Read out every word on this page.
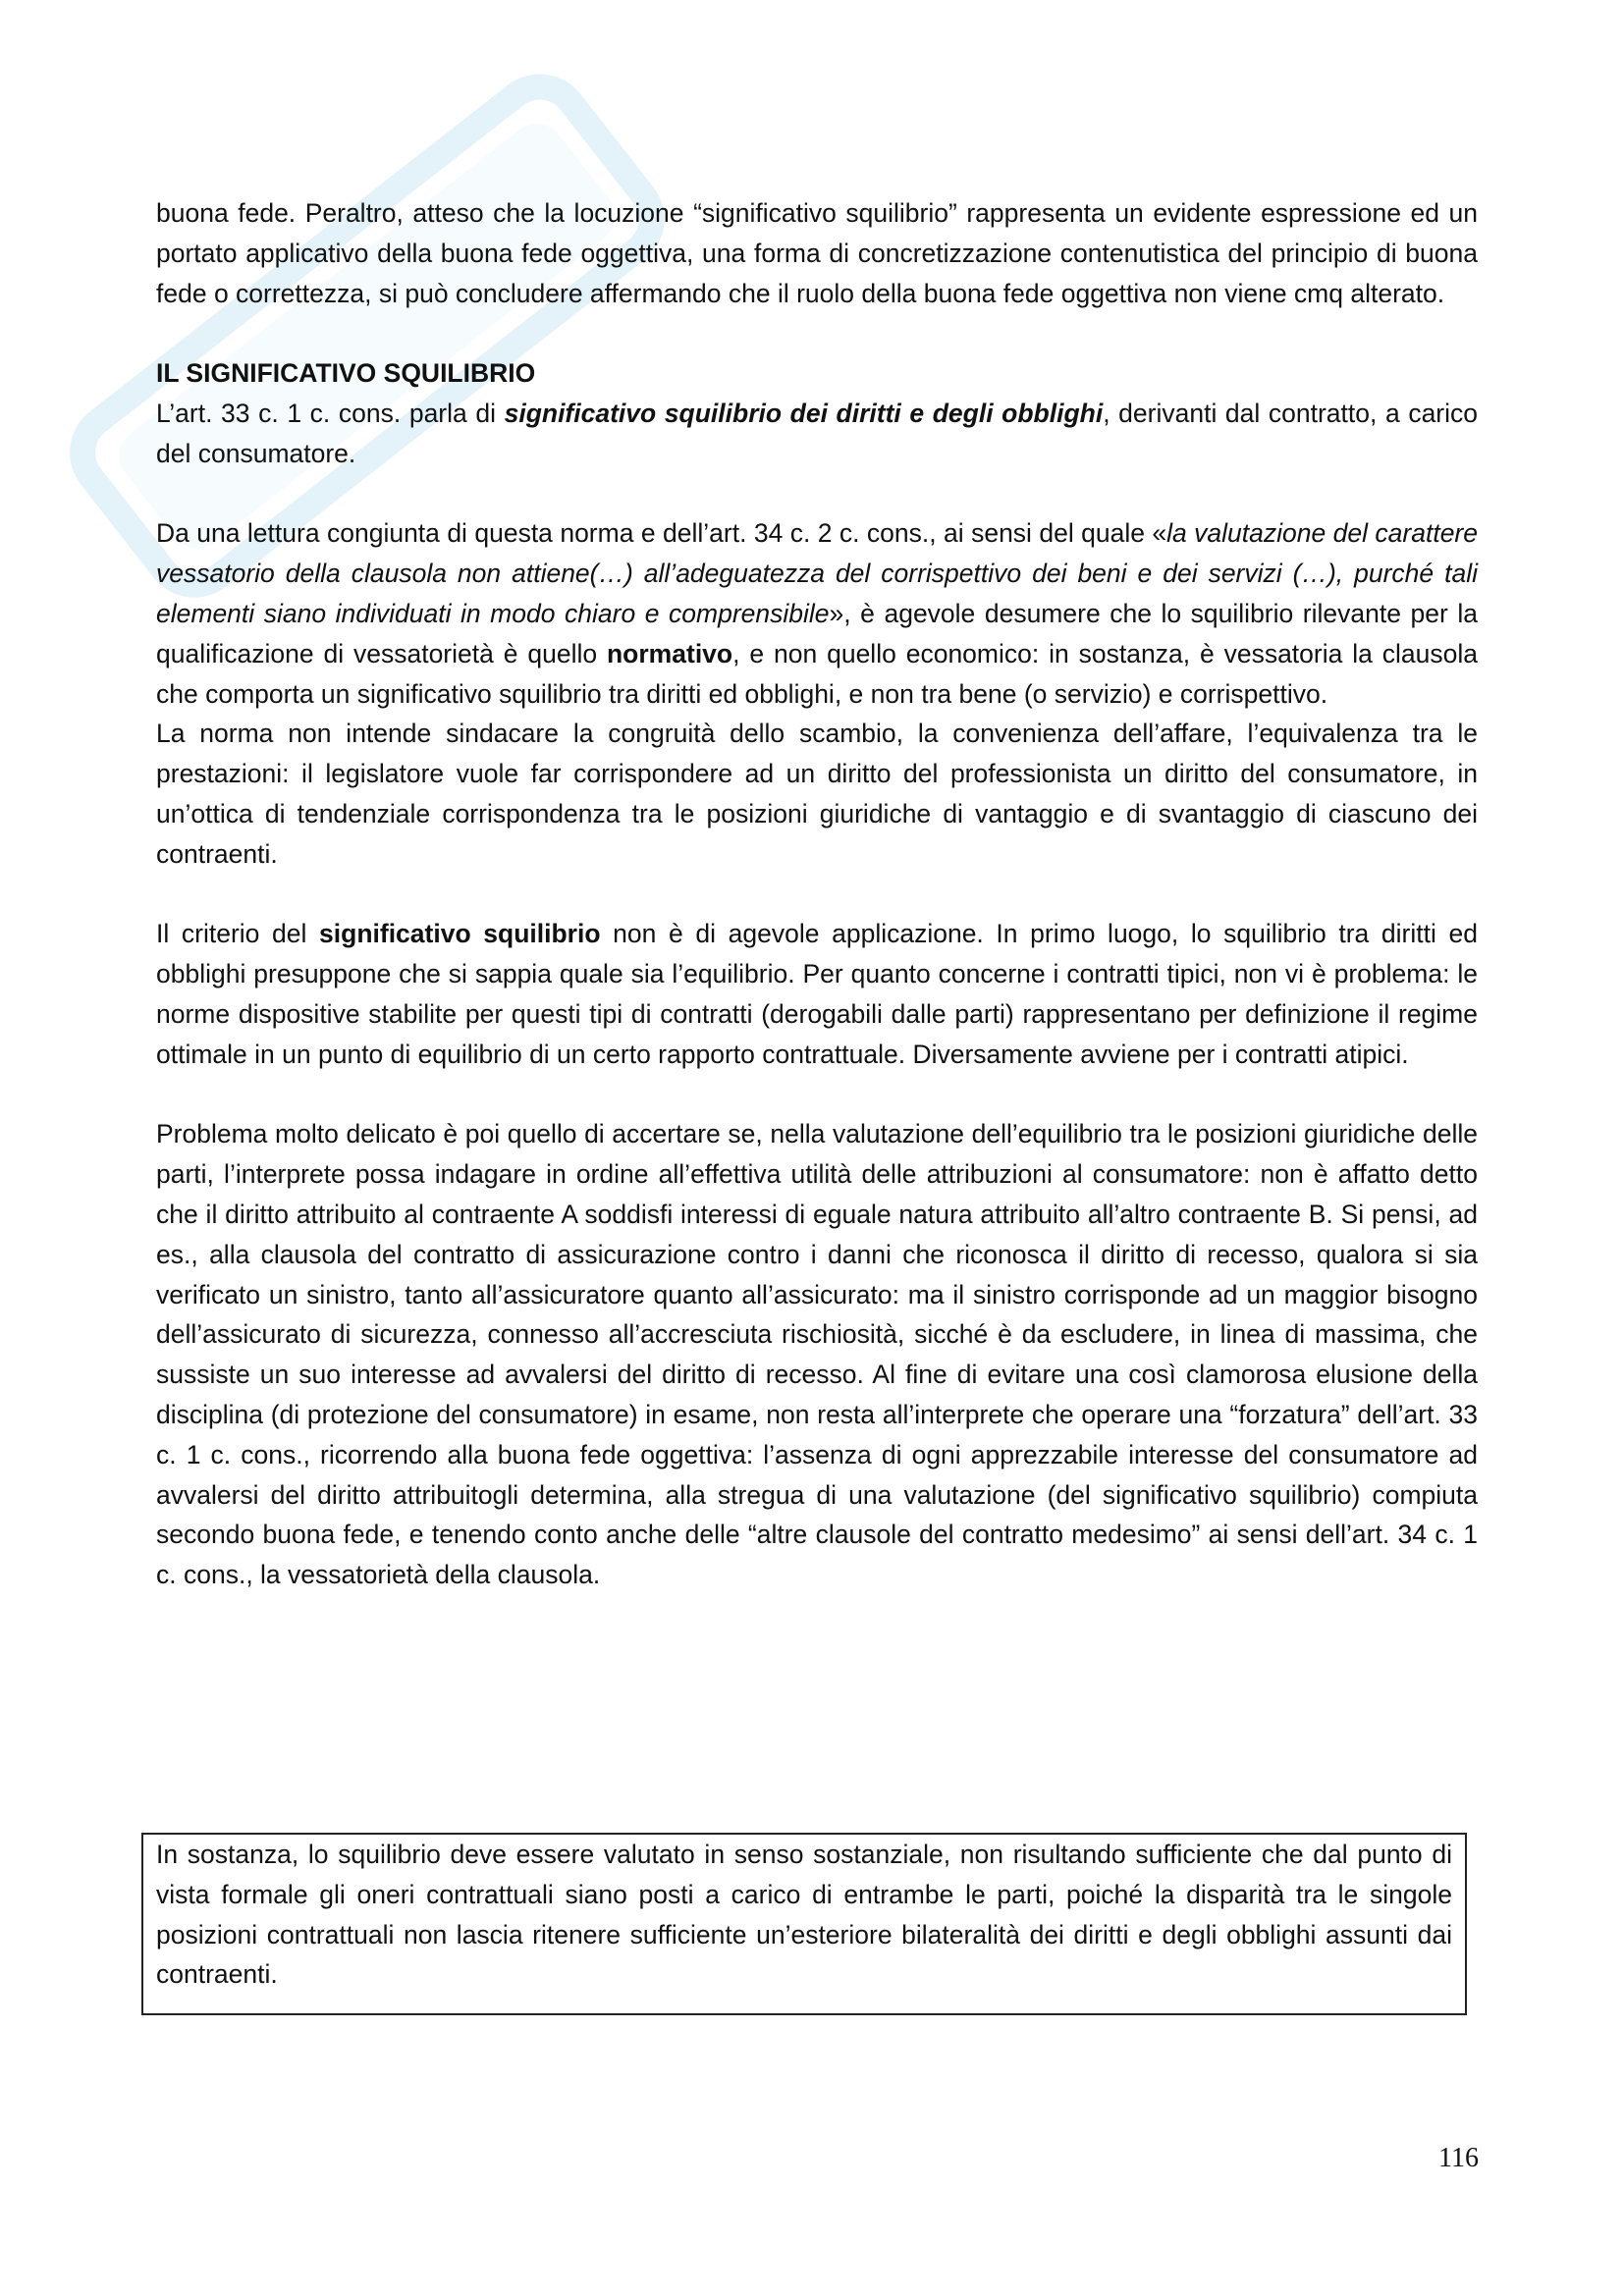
buona fede. Peraltro, atteso che la locuzione “significativo squilibrio” rappresenta un evidente espressione ed un portato applicativo della buona fede oggettiva, una forma di concretizzazione contenutistica del principio di buona fede o correttezza, si può concludere affermando che il ruolo della buona fede oggettiva non viene cmq alterato.

IL SIGNIFICATIVO SQUILIBRIO

L’art. 33 c. 1 c. cons. parla di significativo squilibrio dei diritti e degli obblighi, derivanti dal contratto, a carico del consumatore.

Da una lettura congiunta di questa norma e dell’art. 34 c. 2 c. cons., ai sensi del quale «la valutazione del carattere vessatorio della clausola non attiene(…) all’adeguatezza del corrispettivo dei beni e dei servizi (…), purché tali elementi siano individuati in modo chiaro e comprensibile», è agevole desumere che lo squilibrio rilevante per la qualificazione di vessatorietà è quello normativo, e non quello economico: in sostanza, è vessatoria la clausola che comporta un significativo squilibrio tra diritti ed obblighi, e non tra bene (o servizio) e corrispettivo.

La norma non intende sindacare la congruità dello scambio, la convenienza dell’affare, l’equivalenza tra le prestazioni: il legislatore vuole far corrispondere ad un diritto del professionista un diritto del consumatore, in un’ottica di tendenziale corrispondenza tra le posizioni giuridiche di vantaggio e di svantaggio di ciascuno dei contraenti.

Il criterio del significativo squilibrio non è di agevole applicazione. In primo luogo, lo squilibrio tra diritti ed obblighi presuppone che si sappia quale sia l’equilibrio. Per quanto concerne i contratti tipici, non vi è problema: le norme dispositive stabilite per questi tipi di contratti (derogabili dalle parti) rappresentano per definizione il regime ottimale in un punto di equilibrio di un certo rapporto contrattuale. Diversamente avviene per i contratti atipici.

Problema molto delicato è poi quello di accertare se, nella valutazione dell’equilibrio tra le posizioni giuridiche delle parti, l’interprete possa indagare in ordine all’effettiva utilità delle attribuzioni al consumatore: non è affatto detto che il diritto attribuito al contraente A soddisfi interessi di eguale natura attribuito all’altro contraente B. Si pensi, ad es., alla clausola del contratto di assicurazione contro i danni che riconosca il diritto di recesso, qualora si sia verificato un sinistro, tanto all’assicuratore quanto all’assicurato: ma il sinistro corrisponde ad un maggior bisogno dell’assicurato di sicurezza, connesso all’accresciuta rischiosità, sicché è da escludere, in linea di massima, che sussiste un suo interesse ad avvalersi del diritto di recesso. Al fine di evitare una così clamorosa elusione della disciplina (di protezione del consumatore) in esame, non resta all’interprete che operare una “forzatura” dell’art. 33 c. 1 c. cons., ricorrendo alla buona fede oggettiva: l’assenza di ogni apprezzabile interesse del consumatore ad avvalersi del diritto attribuitogli determina, alla stregua di una valutazione (del significativo squilibrio) compiuta secondo buona fede, e tenendo conto anche delle “altre clausole del contratto medesimo” ai sensi dell’art. 34 c. 1 c. cons., la vessatorietà della clausola.

In sostanza, lo squilibrio deve essere valutato in senso sostanziale, non risultando sufficiente che dal punto di vista formale gli oneri contrattuali siano posti a carico di entrambe le parti, poiché la disparità tra le singole posizioni contrattuali non lascia ritenere sufficiente un’esteriore bilateralità dei diritti e degli obblighi assunti dai contraenti.

116
